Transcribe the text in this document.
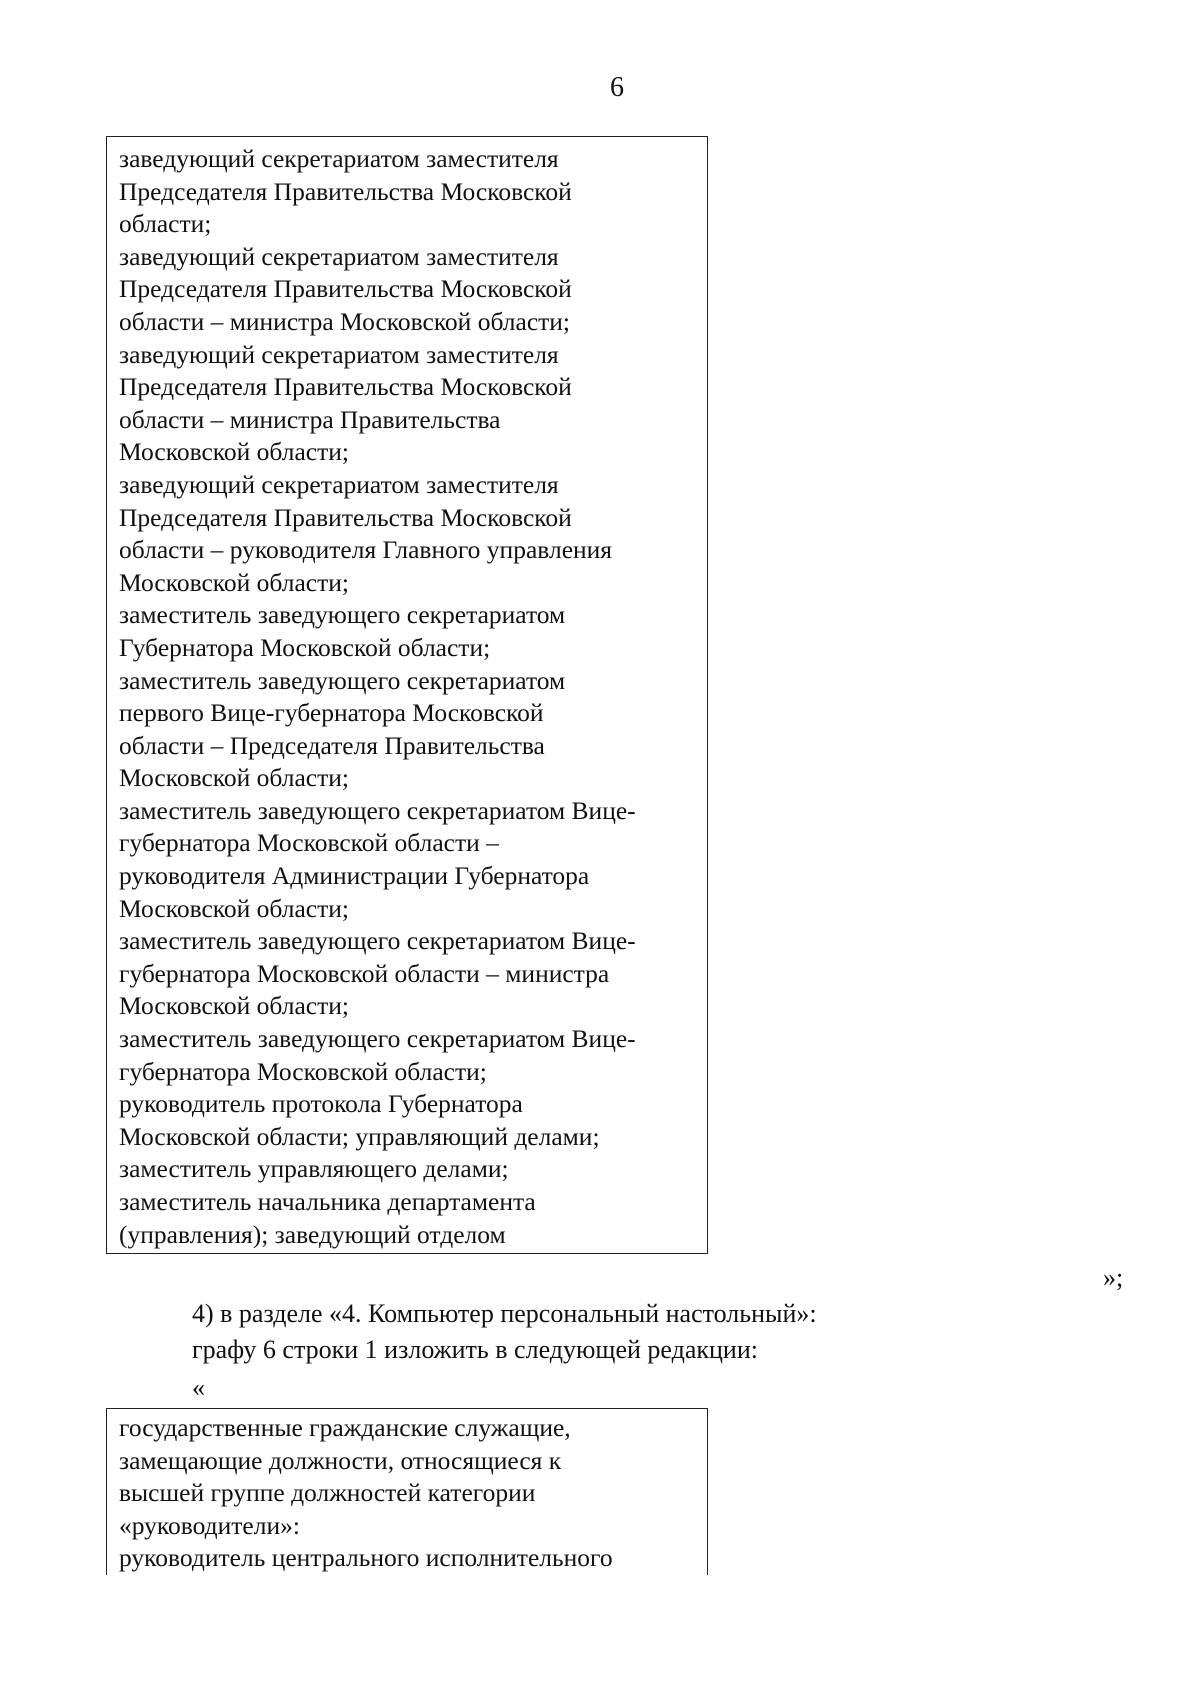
6
заведующий секретариатом заместителя
Председателя Правительства Московской
области;
заведующий секретариатом заместителя
Председателя Правительства Московской
области – министра Московской области;
заведующий секретариатом заместителя
Председателя Правительства Московской
области – министра Правительства
Московской области;
заведующий секретариатом заместителя
Председателя Правительства Московской
области – руководителя Главного управления
Московской области;
заместитель заведующего секретариатом
Губернатора Московской области;
заместитель заведующего секретариатом
первого Вице-губернатора Московской
области – Председателя Правительства
Московской области;
заместитель заведующего секретариатом Вице-
губернатора Московской области –
руководителя Администрации Губернатора
Московской области;
заместитель заведующего секретариатом Вице-
губернатора Московской области – министра
Московской области;
заместитель заведующего секретариатом Вице-
губернатора Московской области;
руководитель протокола Губернатора
Московской области; управляющий делами;
заместитель управляющего делами;
заместитель начальника департамента
(управления); заведующий отделом
»;
4) в разделе «4. Компьютер персональный настольный»:
графу 6 строки 1 изложить в следующей редакции:
«
государственные гражданские служащие,
замещающие должности, относящиеся к
высшей группе должностей категории
«руководители»:
руководитель центрального исполнительного
